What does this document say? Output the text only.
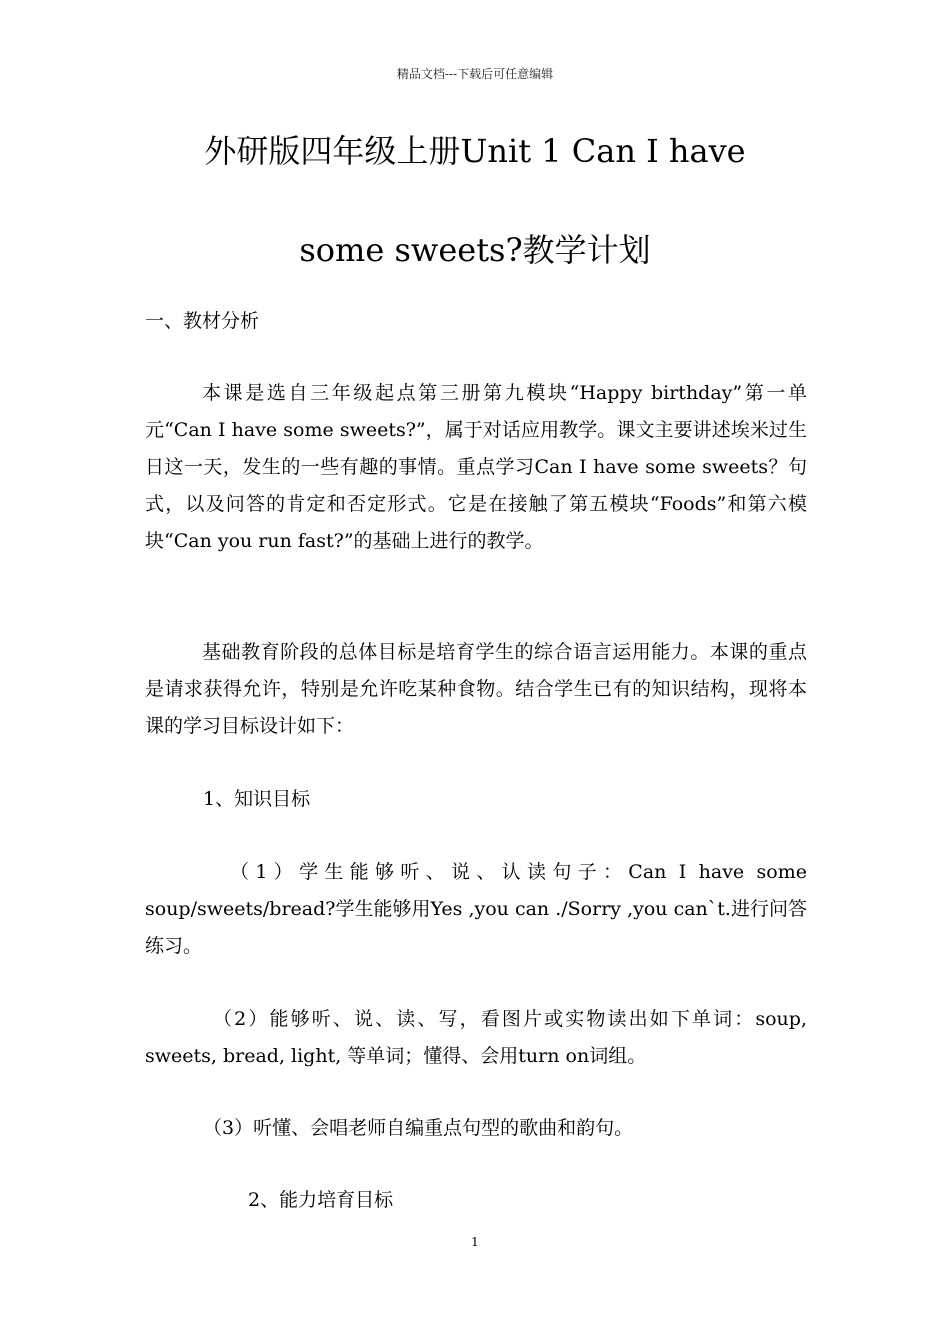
精品文档---下载后可任意编辑
外研版四年级上册Unit 1 Can I have
some sweets?教学计划
一、教材分析
本课是选自三年级起点第三册第九模块“Happy birthday”第一单元“Can I have some sweets?”，属于对话应用教学。课文主要讲述埃米过生日这一天，发生的一些有趣的事情。重点学习Can I have some sweets？句式，以及问答的肯定和否定形式。它是在接触了第五模块“Foods”和第六模块“Can you run fast?”的基础上进行的教学。
基础教育阶段的总体目标是培育学生的综合语言运用能力。本课的重点是请求获得允许，特别是允许吃某种食物。结合学生已有的知识结构，现将本课的学习目标设计如下：
1、知识目标
（1）学生能够听、说、认读句子：Can I have some soup/sweets/bread?学生能够用Yes ,you can ./Sorry ,you can`t.进行问答练习。
（2）能够听、说、读、写，看图片或实物读出如下单词：soup, sweets, bread, light, 等单词；懂得、会用turn on词组。
（3）听懂、会唱老师自编重点句型的歌曲和韵句。
2、能力培育目标
1
